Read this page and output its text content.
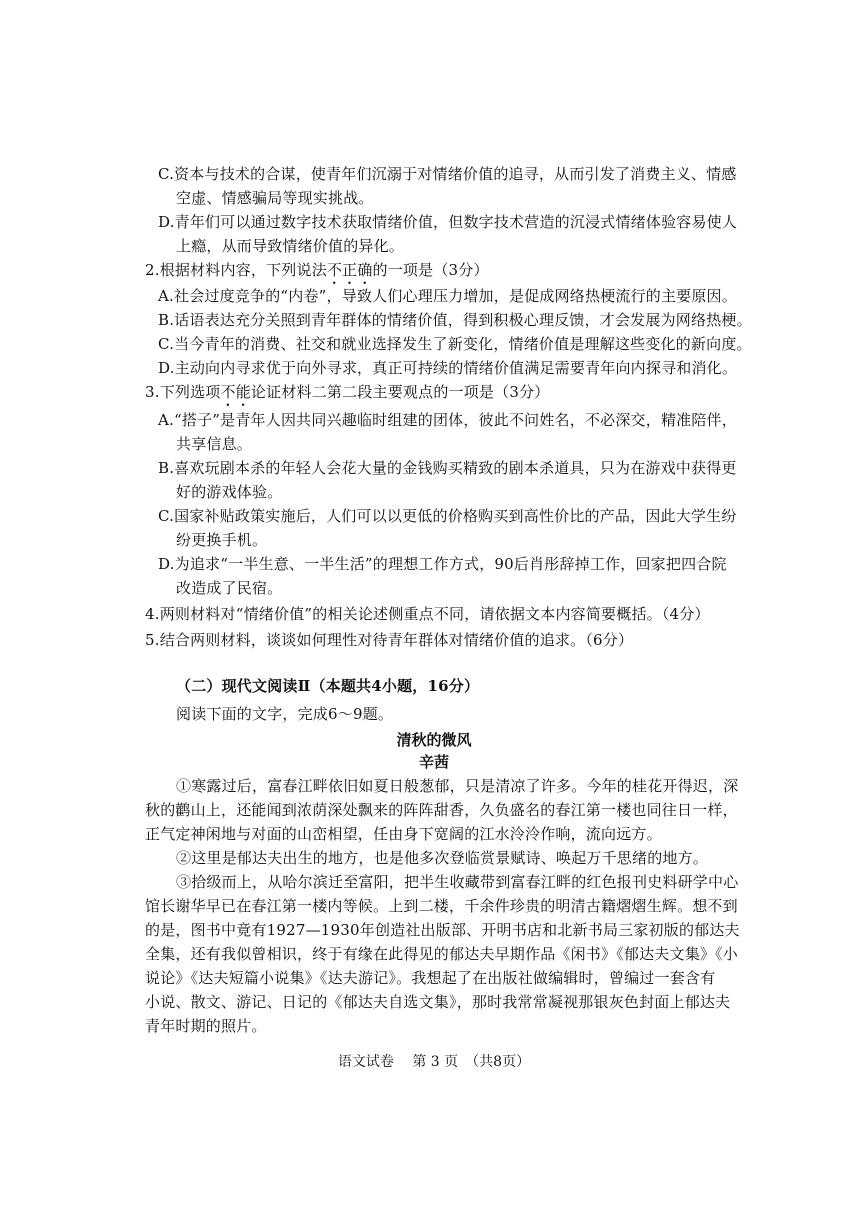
C.资本与技术的合谋，使青年们沉溺于对情绪价值的追寻，从而引发了消费主义、情感
空虚、情感骗局等现实挑战。
D.青年们可以通过数字技术获取情绪价值，但数字技术营造的沉浸式情绪体验容易使人
上瘾，从而导致情绪价值的异化。
2.根据材料内容，下列说法不正确的一项是（3分）
A.社会过度竞争的“内卷”，导致人们心理压力增加，是促成网络热梗流行的主要原因。
B.话语表达充分关照到青年群体的情绪价值，得到积极心理反馈，才会发展为网络热梗。
C.当今青年的消费、社交和就业选择发生了新变化，情绪价值是理解这些变化的新向度。
D.主动向内寻求优于向外寻求，真正可持续的情绪价值满足需要青年向内探寻和消化。
3.下列选项不能论证材料二第二段主要观点的一项是（3分）
A.“搭子”是青年人因共同兴趣临时组建的团体，彼此不问姓名，不必深交，精准陪伴，
共享信息。
B.喜欢玩剧本杀的年轻人会花大量的金钱购买精致的剧本杀道具，只为在游戏中获得更
好的游戏体验。
C.国家补贴政策实施后，人们可以以更低的价格购买到高性价比的产品，因此大学生纷
纷更换手机。
D.为追求“一半生意、一半生活”的理想工作方式，90后肖彤辞掉工作，回家把四合院
改造成了民宿。
4.两则材料对“情绪价值”的相关论述侧重点不同，请依据文本内容简要概括。（4分）
5.结合两则材料，谈谈如何理性对待青年群体对情绪价值的追求。（6分）
（二）现代文阅读Ⅱ（本题共4小题，16分）
阅读下面的文字，完成6～9题。
清秋的微风
辛茜
①寒露过后，富春江畔依旧如夏日般葱郁，只是清凉了许多。今年的桂花开得迟，深
秋的鹳山上，还能闻到浓荫深处飘来的阵阵甜香，久负盛名的春江第一楼也同往日一样，
正气定神闲地与对面的山峦相望，任由身下宽阔的江水泠泠作响，流向远方。
②这里是郁达夫出生的地方，也是他多次登临赏景赋诗、唤起万千思绪的地方。
③拾级而上，从哈尔滨迁至富阳，把半生收藏带到富春江畔的红色报刊史料研学中心
馆长谢华早已在春江第一楼内等候。上到二楼，千余件珍贵的明清古籍熠熠生辉。想不到
的是，图书中竟有1927—1930年创造社出版部、开明书店和北新书局三家初版的郁达夫
全集，还有我似曾相识，终于有缘在此得见的郁达夫早期作品《闲书》《郁达夫文集》《小
说论》《达夫短篇小说集》《达夫游记》。我想起了在出版社做编辑时，曾编过一套含有
小说、散文、游记、日记的《郁达夫自选文集》，那时我常常凝视那银灰色封面上郁达夫
青年时期的照片。
语文试卷　 第 3 页　（共8页）
